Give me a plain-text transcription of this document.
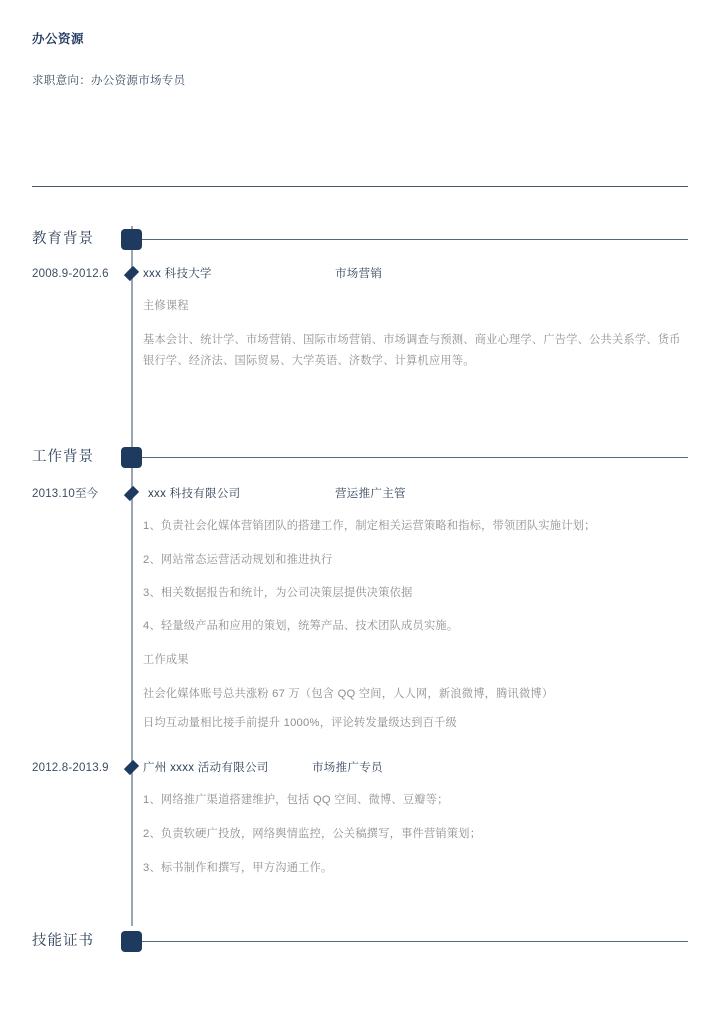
办公资源
求职意向：办公资源市场专员
教育背景
2008.9-2012.6	xxx 科技大学	市场营销
主修课程
基本会计、统计学、市场营销、国际市场营销、市场调查与预测、商业心理学、广告学、公共关系学、货币银行学、经济法、国际贸易、大学英语、济数学、计算机应用等。
工作背景
2013.10至今	xxx 科技有限公司	营运推广主管
1、负责社会化媒体营销团队的搭建工作，制定相关运营策略和指标，带领团队实施计划；
2、网站常态运营活动规划和推进执行
3、相关数据报告和统计，为公司决策层提供决策依据
4、轻量级产品和应用的策划，统筹产品、技术团队成员实施。
工作成果
社会化媒体账号总共涨粉 67 万（包含 QQ 空间，人人网，新浪微博，腾讯微博）
日均互动量相比接手前提升 1000%，评论转发量级达到百千级
2012.8-2013.9	广州 xxxx 活动有限公司	市场推广专员
1、网络推广渠道搭建维护，包括 QQ 空间、微博、豆瓣等；
2、负责软硬广投放，网络舆情监控，公关稿撰写，事件营销策划；
3、标书制作和撰写，甲方沟通工作。
技能证书
